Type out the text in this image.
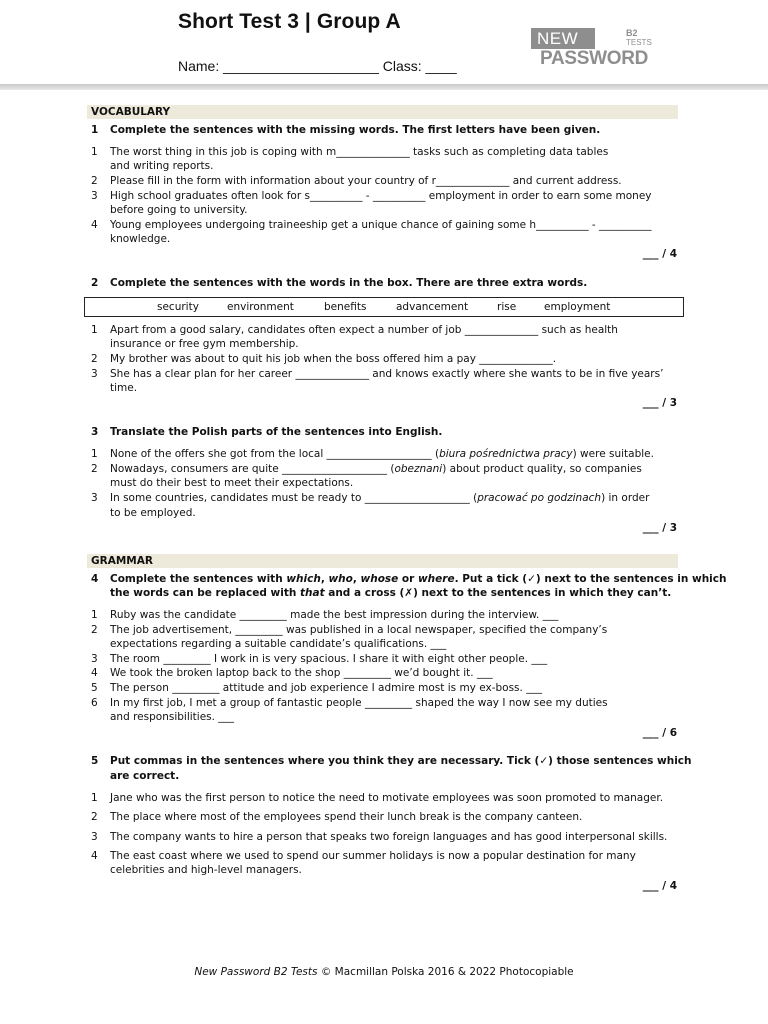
Short Test 3 | Group A
Name: ____________________ Class: ____
NEW	B2
TESTS
PASSWORD
VOCABULARY
1 Complete the sentences with the missing words. The first letters have been given.
1 The worst thing in this job is coping with m______________ tasks such as completing data tables
and writing reports.
2 Please fill in the form with information about your country of r______________ and current address.
3 High school graduates often look for s__________ - __________ employment in order to earn some money
before going to university.
4 Young employees undergoing traineeship get a unique chance of gaining some h__________ - __________
knowledge.
___ / 4
2 Complete the sentences with the words in the box. There are three extra words.
security	environment	benefits	advancement	rise	employment
1 Apart from a good salary, candidates often expect a number of job ______________ such as health
insurance or free gym membership.
2 My brother was about to quit his job when the boss offered him a pay ______________.
3 She has a clear plan for her career ______________ and knows exactly where she wants to be in five years’
time.
___ / 3
3 Translate the Polish parts of the sentences into English.
1 None of the offers she got from the local ____________________ (biura pośrednictwa pracy) were suitable.
2 Nowadays, consumers are quite ____________________ (obeznani) about product quality, so companies
must do their best to meet their expectations.
3 In some countries, candidates must be ready to ____________________ (pracować po godzinach) in order
to be employed.
___ / 3
GRAMMAR
4 Complete the sentences with which, who, whose or where. Put a tick (✓) next to the sentences in which
the words can be replaced with that and a cross (✗) next to the sentences in which they can’t.
1 Ruby was the candidate _________ made the best impression during the interview. ___
2 The job advertisement, _________ was published in a local newspaper, specified the company’s
expectations regarding a suitable candidate’s qualifications. ___
3 The room _________ I work in is very spacious. I share it with eight other people. ___
4 We took the broken laptop back to the shop _________ we’d bought it. ___
5 The person _________ attitude and job experience I admire most is my ex-boss. ___
6 In my first job, I met a group of fantastic people _________ shaped the way I now see my duties
and responsibilities. ___
___ / 6
5 Put commas in the sentences where you think they are necessary. Tick (✓) those sentences which
are correct.
1 Jane who was the first person to notice the need to motivate employees was soon promoted to manager.
2 The place where most of the employees spend their lunch break is the company canteen.
3 The company wants to hire a person that speaks two foreign languages and has good interpersonal skills.
4 The east coast where we used to spend our summer holidays is now a popular destination for many
celebrities and high-level managers.
___ / 4
New Password B2 Tests © Macmillan Polska 2016 & 2022 Photocopiable
